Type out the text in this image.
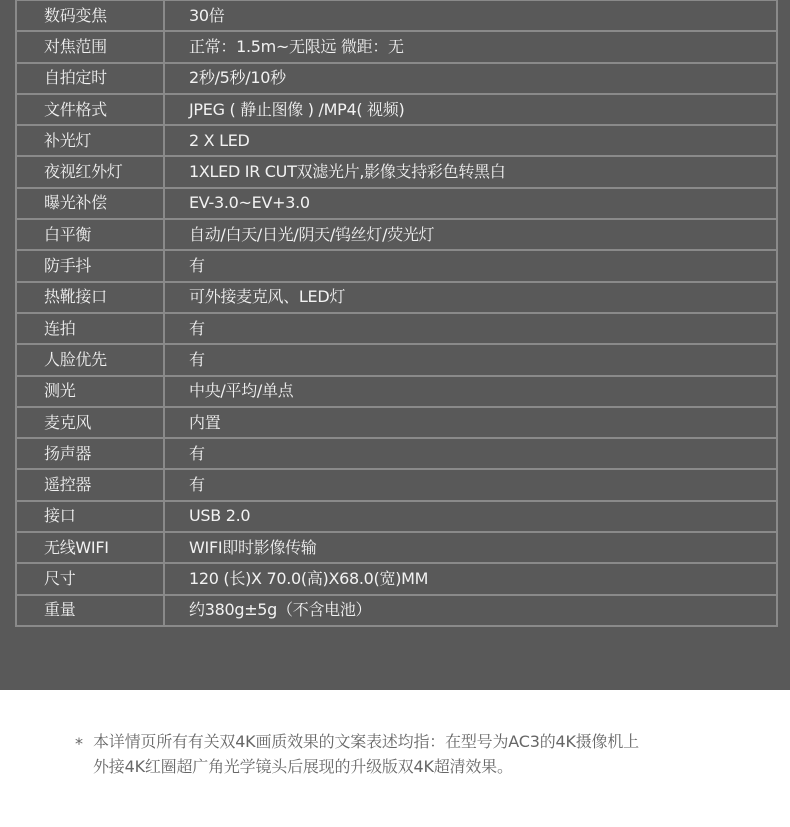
数码变焦	30倍
对焦范围	正常：1.5m~无限远 微距：无
自拍定时	2秒/5秒/10秒
文件格式	JPEG ( 静止图像 ) /MP4( 视频)
补光灯	2 X LED
夜视红外灯	1XLED IR CUT双滤光片,影像支持彩色转黑白
曝光补偿	EV-3.0~EV+3.0
白平衡	自动/白天/日光/阴天/钨丝灯/荧光灯
防手抖	有
热靴接口	可外接麦克风、LED灯
连拍	有
人脸优先	有
测光	中央/平均/单点
麦克风	内置
扬声器	有
遥控器	有
接口	USB 2.0
无线WIFI	WIFI即时影像传输
尺寸	120 (长)X 70.0(高)X68.0(宽)MM
重量	约380g±5g（不含电池）
* 本详情页所有有关双4K画质效果的文案表述均指：在型号为AC3的4K摄像机上
外接4K红圈超广角光学镜头后展现的升级版双4K超清效果。
